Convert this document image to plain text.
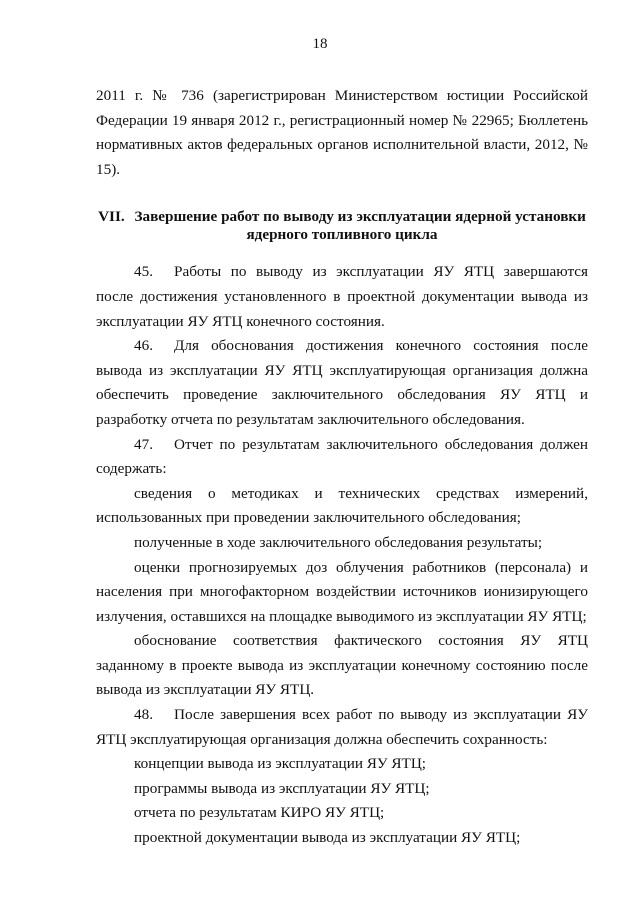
18

2011 г. № 736 (зарегистрирован Министерством юстиции Российской Федерации 19 января 2012 г., регистрационный номер № 22965; Бюллетень нормативных актов федеральных органов исполнительной власти, 2012, № 15).

VII. Завершение работ по выводу из эксплуатации ядерной установки ядерного топливного цикла

45. Работы по выводу из эксплуатации ЯУ ЯТЦ завершаются после достижения установленного в проектной документации вывода из эксплуатации ЯУ ЯТЦ конечного состояния.

46. Для обоснования достижения конечного состояния после вывода из эксплуатации ЯУ ЯТЦ эксплуатирующая организация должна обеспечить проведение заключительного обследования ЯУ ЯТЦ и разработку отчета по результатам заключительного обследования.

47. Отчет по результатам заключительного обследования должен содержать:

сведения о методиках и технических средствах измерений, использованных при проведении заключительного обследования;

полученные в ходе заключительного обследования результаты;

оценки прогнозируемых доз облучения работников (персонала) и населения при многофакторном воздействии источников ионизирующего излучения, оставшихся на площадке выводимого из эксплуатации ЯУ ЯТЦ;

обоснование соответствия фактического состояния ЯУ ЯТЦ заданному в проекте вывода из эксплуатации конечному состоянию после вывода из эксплуатации ЯУ ЯТЦ.

48. После завершения всех работ по выводу из эксплуатации ЯУ ЯТЦ эксплуатирующая организация должна обеспечить сохранность:

концепции вывода из эксплуатации ЯУ ЯТЦ;

программы вывода из эксплуатации ЯУ ЯТЦ;

отчета по результатам КИРО ЯУ ЯТЦ;

проектной документации вывода из эксплуатации ЯУ ЯТЦ;
